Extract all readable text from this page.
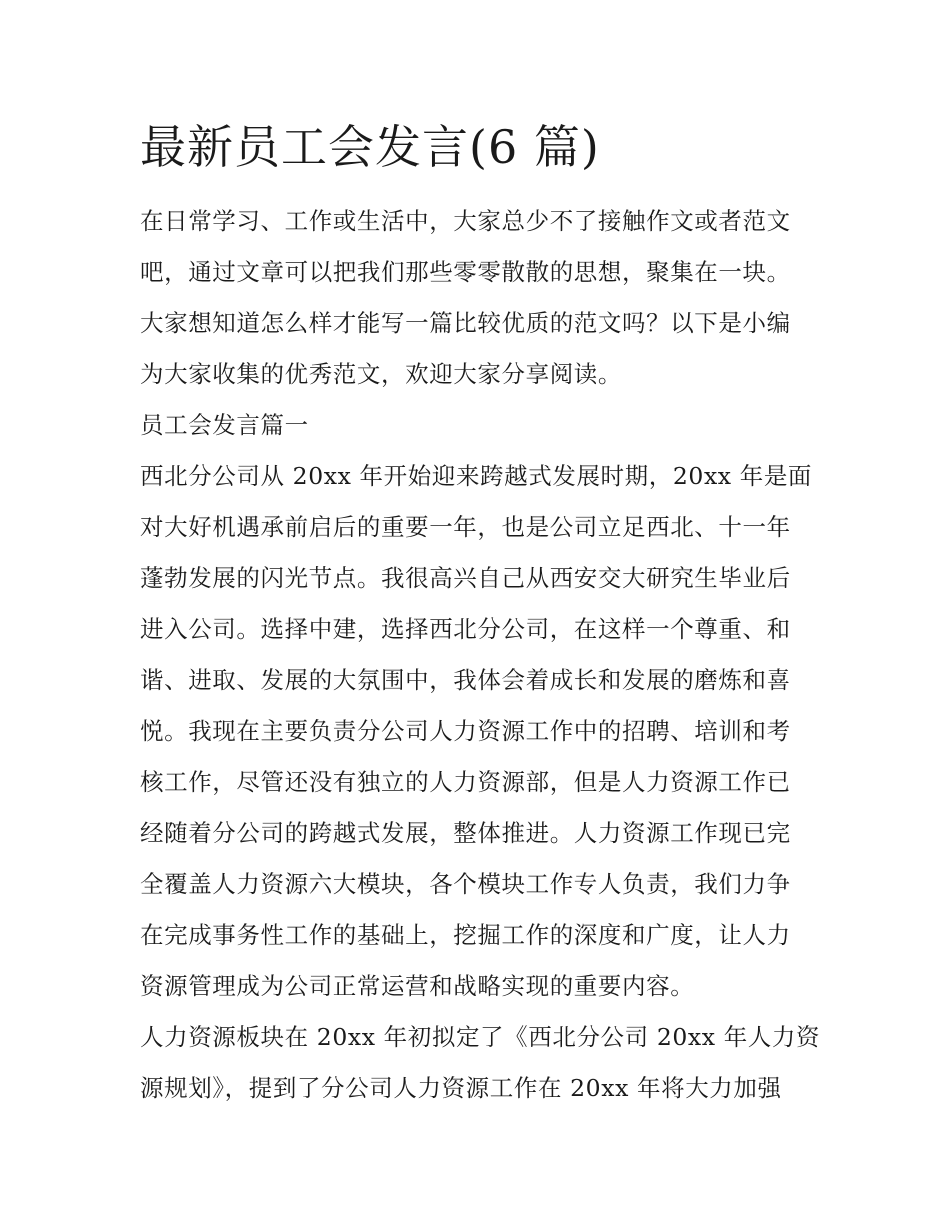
最新员工会发言(6 篇)
在日常学习、工作或生活中，大家总少不了接触作文或者范文
吧，通过文章可以把我们那些零零散散的思想，聚集在一块。
大家想知道怎么样才能写一篇比较优质的范文吗？以下是小编
为大家收集的优秀范文，欢迎大家分享阅读。
员工会发言篇一
西北分公司从 20xx 年开始迎来跨越式发展时期，20xx 年是面
对大好机遇承前启后的重要一年，也是公司立足西北、十一年
蓬勃发展的闪光节点。我很高兴自己从西安交大研究生毕业后
进入公司。选择中建，选择西北分公司，在这样一个尊重、和
谐、进取、发展的大氛围中，我体会着成长和发展的磨炼和喜
悦。我现在主要负责分公司人力资源工作中的招聘、培训和考
核工作，尽管还没有独立的人力资源部，但是人力资源工作已
经随着分公司的跨越式发展，整体推进。人力资源工作现已完
全覆盖人力资源六大模块，各个模块工作专人负责，我们力争
在完成事务性工作的基础上，挖掘工作的深度和广度，让人力
资源管理成为公司正常运营和战略实现的重要内容。
人力资源板块在 20xx 年初拟定了《西北分公司 20xx 年人力资
源规划》，提到了分公司人力资源工作在 20xx 年将大力加强
